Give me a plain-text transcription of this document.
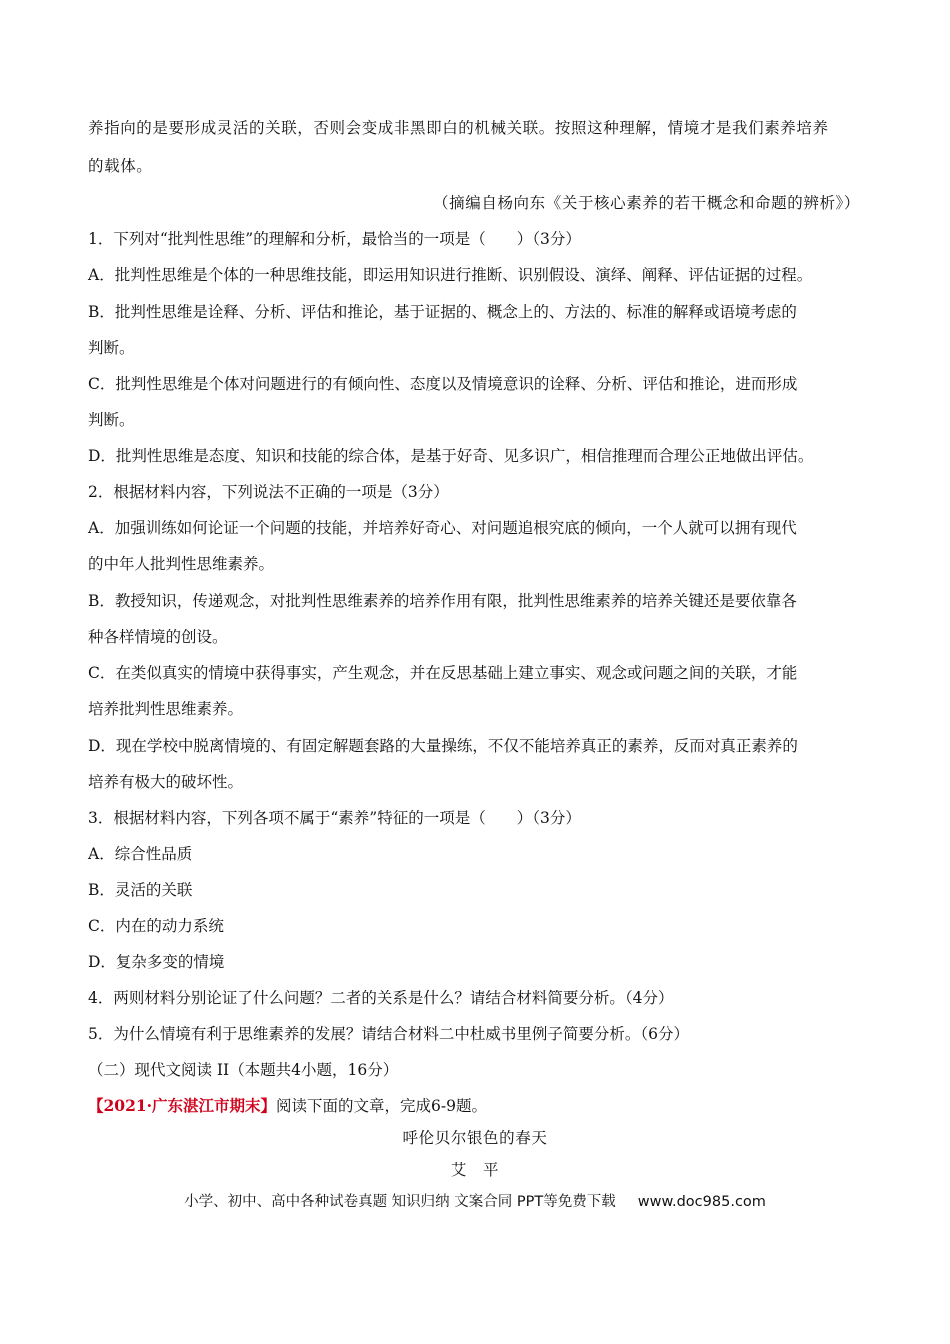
养指向的是要形成灵活的关联，否则会变成非黑即白的机械关联。按照这种理解，情境才是我们素养培养
的载体。
（摘编自杨向东《关于核心素养的若干概念和命题的辨析》）
1．下列对“批判性思维”的理解和分析，最恰当的一项是（　　）（3分）
A．批判性思维是个体的一种思维技能，即运用知识进行推断、识别假设、演绎、阐释、评估证据的过程。
B．批判性思维是诠释、分析、评估和推论，基于证据的、概念上的、方法的、标准的解释或语境考虑的
判断。
C．批判性思维是个体对问题进行的有倾向性、态度以及情境意识的诠释、分析、评估和推论，进而形成
判断。
D．批判性思维是态度、知识和技能的综合体，是基于好奇、见多识广，相信推理而合理公正地做出评估。
2．根据材料内容，下列说法不正确的一项是（3分）
A．加强训练如何论证一个问题的技能，并培养好奇心、对问题追根究底的倾向，一个人就可以拥有现代
的中年人批判性思维素养。
B．教授知识，传递观念，对批判性思维素养的培养作用有限，批判性思维素养的培养关键还是要依靠各
种各样情境的创设。
C．在类似真实的情境中获得事实，产生观念，并在反思基础上建立事实、观念或问题之间的关联，才能
培养批判性思维素养。
D．现在学校中脱离情境的、有固定解题套路的大量操练，不仅不能培养真正的素养，反而对真正素养的
培养有极大的破坏性。
3．根据材料内容，下列各项不属于“素养”特征的一项是（　　）（3分）
A．综合性品质
B．灵活的关联
C．内在的动力系统
D．复杂多变的情境
4．两则材料分别论证了什么问题？二者的关系是什么？请结合材料简要分析。（4分）
5．为什么情境有利于思维素养的发展？请结合材料二中杜威书里例子简要分析。（6分）
（二）现代文阅读 II（本题共4小题，16分）
【2021·广东湛江市期末】阅读下面的文章，完成6-9题。
呼伦贝尔银色的春天
艾　平
小学、初中、高中各种试卷真题 知识归纳 文案合同 PPT等免费下载 www.doc985.com
